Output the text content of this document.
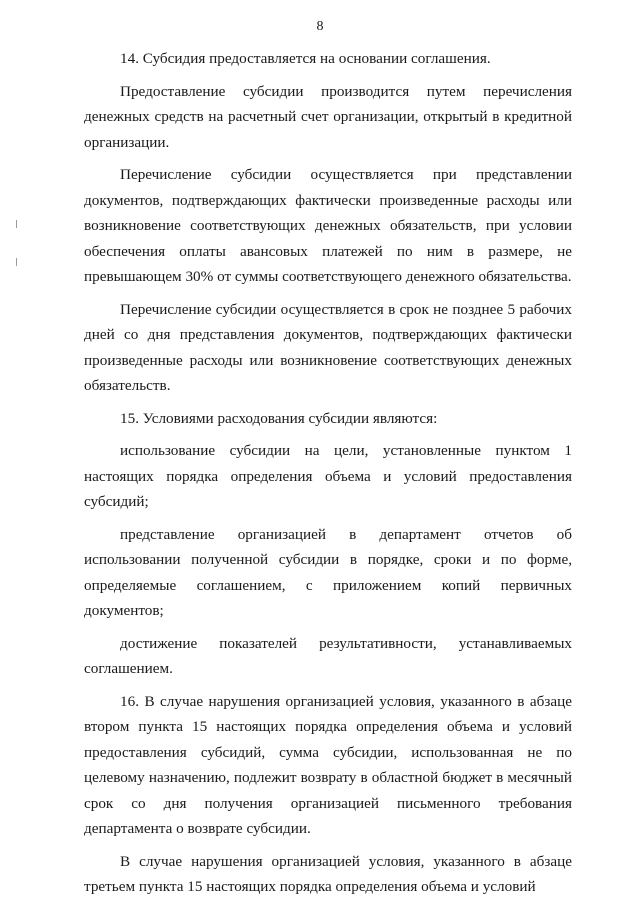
8

14. Субсидия предоставляется на основании соглашения.

Предоставление субсидии производится путем перечисления денежных средств на расчетный счет организации, открытый в кредитной организации.

Перечисление субсидии осуществляется при представлении документов, подтверждающих фактически произведенные расходы или возникновение соответствующих денежных обязательств, при условии обеспечения оплаты авансовых платежей по ним в размере, не превышающем 30% от суммы соответствующего денежного обязательства.

Перечисление субсидии осуществляется в срок не позднее 5 рабочих дней со дня представления документов, подтверждающих фактически произведенные расходы или возникновение соответствующих денежных обязательств.

15. Условиями расходования субсидии являются:

использование субсидии на цели, установленные пунктом 1 настоящих порядка определения объема и условий предоставления субсидий;

представление организацией в департамент отчетов об использовании полученной субсидии в порядке, сроки и по форме, определяемые соглашением, с приложением копий первичных документов;

достижение показателей результативности, устанавливаемых соглашением.

16. В случае нарушения организацией условия, указанного в абзаце втором пункта 15 настоящих порядка определения объема и условий предоставления субсидий, сумма субсидии, использованная не по целевому назначению, подлежит возврату в областной бюджет в месячный срок со дня получения организацией письменного требования департамента о возврате субсидии.

В случае нарушения организацией условия, указанного в абзаце третьем пункта 15 настоящих порядка определения объема и условий
